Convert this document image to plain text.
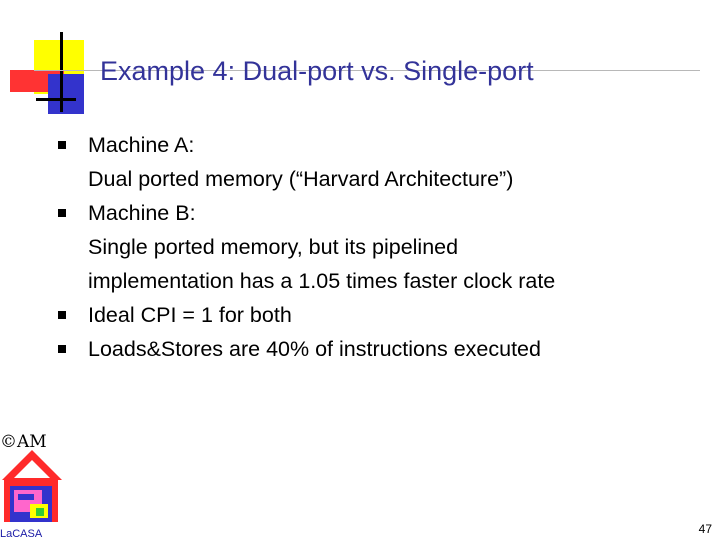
Example 4: Dual-port vs. Single-port
Machine A:
Dual ported memory (“Harvard Architecture”)
Machine B:
Single ported memory, but its pipelined
implementation has a 1.05 times faster clock rate
Ideal CPI = 1 for both
Loads&Stores are 40% of instructions executed
©AM
LaCASA	47
